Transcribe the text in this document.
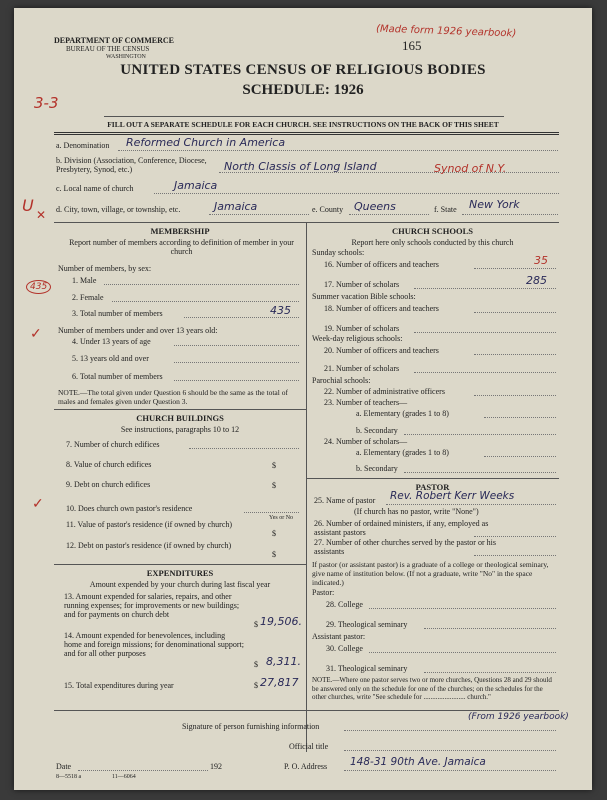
DEPARTMENT OF COMMERCE
BUREAU OF THE CENSUS
WASHINGTON
165
(Made form 1926 yearbook)
UNITED STATES CENSUS OF RELIGIOUS BODIES
SCHEDULE: 1926
3-3
FILL OUT A SEPARATE SCHEDULE FOR EACH CHURCH. SEE INSTRUCTIONS ON THE BACK OF THIS SHEET
a. Denomination Reformed Church in America
b. Division (Association, Conference, Diocese, Presbytery, Synod, etc.)	North Classis of Long Island	Synod of N.Y.
c. Local name of church	Jamaica
d. City, town, village, or township, etc.	Jamaica	e. County Queens	f. State New York
MEMBERSHIP
Report number of members according to definition of member in your church
Number of members, by sex:
1. Male
2. Female
3. Total number of members	435
435
Number of members under and over 13 years old:
4. Under 13 years of age
5. 13 years old and over
6. Total number of members
NOTE.—The total given under Question 6 should be the same as the total of males and females given under Question 3.
CHURCH BUILDINGS
See instructions, paragraphs 10 to 12
7. Number of church edifices
8. Value of church edifices	$
9. Debt on church edifices	$
10. Does church own pastor's residence
Yes or No
11. Value of pastor's residence (if owned by church)
$
12. Debt on pastor's residence (if owned by church)
$
EXPENDITURES
Amount expended by your church during last fiscal year
13. Amount expended for salaries, repairs, and other running expenses; for improvements or new buildings; and for payments on church debt
$ 19,506.
14. Amount expended for benevolences, including home and foreign missions; for denominational support; and for all other purposes
$ 8,311.
15. Total expenditures during year	$ 27,817
CHURCH SCHOOLS
Report here only schools conducted by this church
Sunday schools:
16. Number of officers and teachers	35
17. Number of scholars	285
Summer vacation Bible schools:
18. Number of officers and teachers
19. Number of scholars
Week-day religious schools:
20. Number of officers and teachers
21. Number of scholars
Parochial schools:
22. Number of administrative officers
23. Number of teachers—
a. Elementary (grades 1 to 8)
b. Secondary
24. Number of scholars—
a. Elementary (grades 1 to 8)
b. Secondary
PASTOR
25. Name of pastor Rev. Robert Kerr Weeks
(If church has no pastor, write "None")
26. Number of ordained ministers, if any, employed as assistant pastors
27. Number of other churches served by the pastor or his assistants
If pastor (or assistant pastor) is a graduate of a college or theological seminary, give name of institution below. (If not a graduate, write "No" in the space indicated.)
Pastor:
28. College
29. Theological seminary
Assistant pastor:
30. College
31. Theological seminary
NOTE.—Where one pastor serves two or more churches, Questions 28 and 29 should be answered only on the schedule for one of the churches; on the schedules for the other churches, write "See schedule for ........................ church."
Signature of person furnishing information
(From 1926 yearbook)
Official title
Date	192	P. O. Address 148-31 90th Ave. Jamaica
8—5518 a	11—6064
U ✕
✓
✓
